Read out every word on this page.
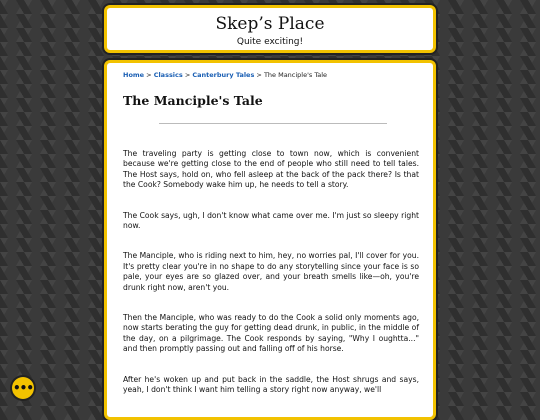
Skep’s Place
Quite exciting!
Home > Classics > Canterbury Tales > The Manciple's Tale
The Manciple's Tale

The traveling party is getting close to town now, which is convenient because we're getting close to the end of people who still need to tell tales. The Host says, hold on, who fell asleep at the back of the pack there? Is that the Cook? Somebody wake him up, he needs to tell a story.

The Cook says, ugh, I don't know what came over me. I'm just so sleepy right now.

The Manciple, who is riding next to him, hey, no worries pal, I'll cover for you. It's pretty clear you're in no shape to do any storytelling since your face is so pale, your eyes are so glazed over, and your breath smells like—oh, you're drunk right now, aren't you.

Then the Manciple, who was ready to do the Cook a solid only moments ago, now starts berating the guy for getting dead drunk, in public, in the middle of the day, on a pilgrimage. The Cook responds by saying, "Why I oughtta..." and then promptly passing out and falling off of his horse.

After he's woken up and put back in the saddle, the Host shrugs and says, yeah, I don't think I want him telling a story right now anyway, we'll

•••
